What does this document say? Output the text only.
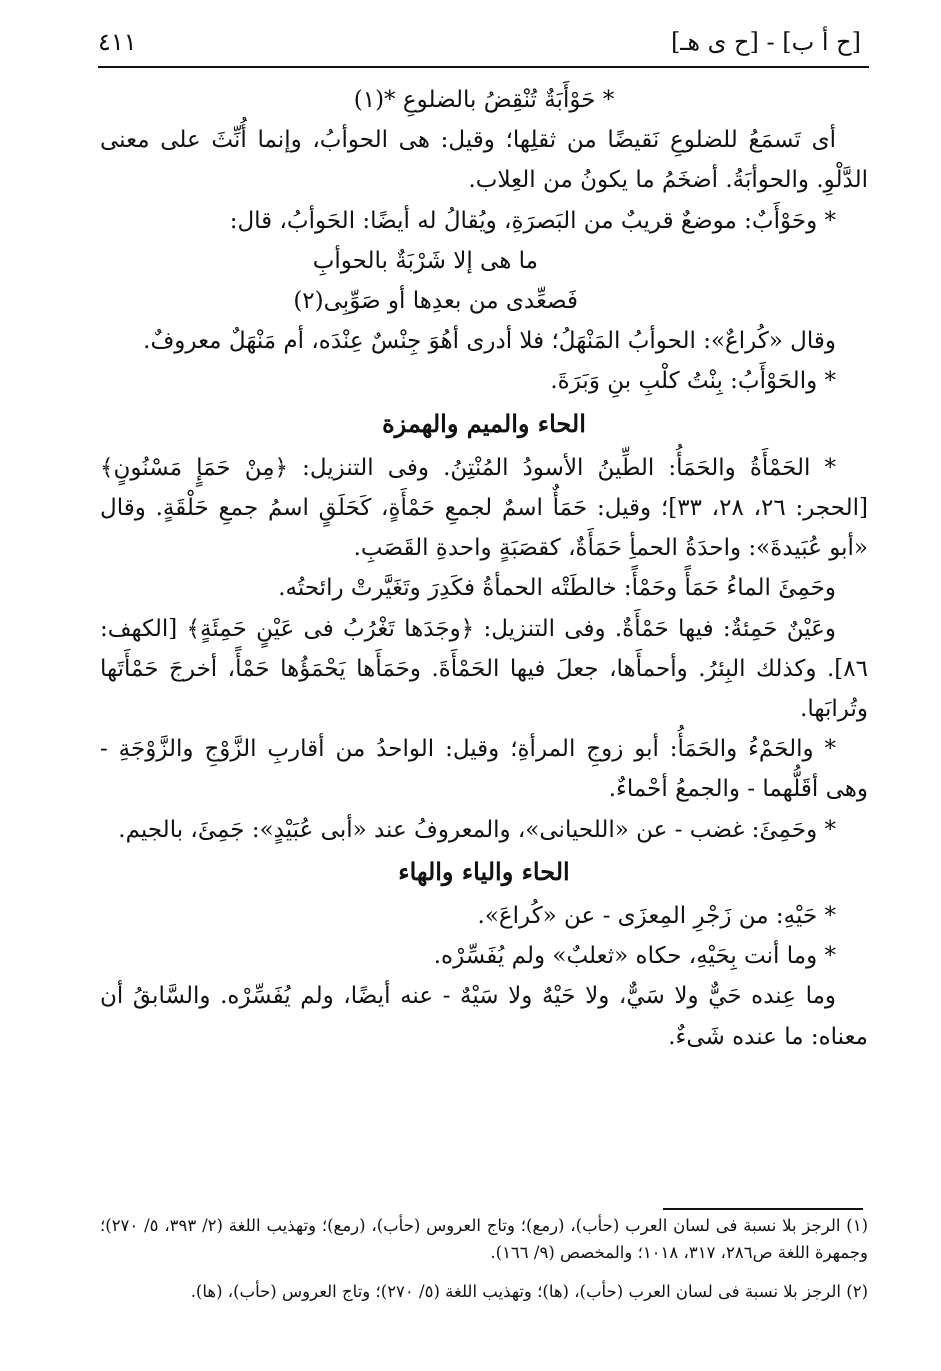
[ح أ ب] - [ح ى هـ]
٤١١

* حَوْأَبَةٌ تُنْقِضُ بالضلوعِ *(١)

أى تَسمَعُ للضلوعِ نَقيضًا من ثقلِها؛ وقيل: هى الحوأبُ، وإنما أُنِّثَ على معنى الدَّلْوِ. والحوأبَةُ. أضخَمُ ما يكونُ من العِلاب.

* وحَوْأَبٌ: موضعٌ قريبٌ من البَصرَةِ، ويُقالُ له أيضًا: الحَوأبُ، قال:

ما هى إلا شَرْبَةٌ بالحوأبِ

فَصعِّدى من بعدِها أو صَوِّبِى(٢)

وقال «كُراعٌ»: الحوأبُ المَنْهَلُ؛ فلا أدرى أهُوَ جِنْسٌ عِنْدَه، أم مَنْهَلٌ معروفٌ.

* والحَوْأَبُ: بِنْتُ كلْبِ بنِ وَبَرَةَ.

الحاء والميم والهمزة

* الحَمْأَةُ والحَمَأُ: الطِّينُ الأسودُ المُنْتِنُ. وفى التنزيل: ﴿مِنْ حَمَإٍ مَسْنُونٍ﴾ [الحجر: ٢٦، ٢٨، ٣٣]؛ وقيل: حَمَأٌ اسمٌ لجمعِ حَمْأَةٍ، كَحَلَقٍ اسمُ جمعِ حَلْقَةٍ. وقال «أبو عُبَيدةَ»: واحدَةُ الحمأِ حَمَأَةٌ، كقصَبَةٍ واحدةِ القَصَبِ.

وحَمِئَ الماءُ حَمَأً وحَمْأً: خالطَتْه الحمأةُ فكَدِرَ وتَغَيَّرتْ رائحتُه.

وعَيْنٌ حَمِئةٌ: فيها حَمْأَةٌ. وفى التنزيل: ﴿وجَدَها تَغْرُبُ فى عَيْنٍ حَمِئَةٍ﴾ [الكهف: ٨٦]. وكذلك البِئرُ. وأحمأَها، جعلَ فيها الحَمْأَةَ. وحَمَأَها يَحْمَؤُها حَمْأً، أخرجَ حَمْأَتَها وتُرابَها.

* والحَمْءُ والحَمَأُ: أبو زوجِ المرأةِ؛ وقيل: الواحدُ من أقاربِ الزَّوْجِ والزَّوْجَةِ - وهى أقَلُّهما - والجمعُ أحْماءٌ.

* وحَمِئَ: غضب - عن «اللحيانى»، والمعروفُ عند «أبى عُبَيْدٍ»: جَمِئَ، بالجيم.

الحاء والياء والهاء

* حَيْهِ: من زَجْرِ المِعزَى - عن «كُراعَ».

* وما أنت بِحَيْهِ، حكاه «ثعلبٌ» ولم يُفَسِّرْه.

وما عِنده حَيٌّ ولا سَيٌّ، ولا حَيْهٌ ولا سَيْهٌ - عنه أيضًا، ولم يُفَسِّرْه. والسَّابقُ أن معناه: ما عنده شَىءٌ.

(١) الرجز بلا نسبة فى لسان العرب (حأب)، (رمع)؛ وتاج العروس (حأب)، (رمع)؛ وتهذيب اللغة (٢/ ٣٩٣، ٥/ ٢٧٠)؛ وجمهرة اللغة ص٢٨٦، ٣١٧، ١٠١٨؛ والمخصص (٩/ ١٦٦).

(٢) الرجز بلا نسبة فى لسان العرب (حأب)، (ها)؛ وتهذيب اللغة (٥/ ٢٧٠)؛ وتاج العروس (حأب)، (ها).
